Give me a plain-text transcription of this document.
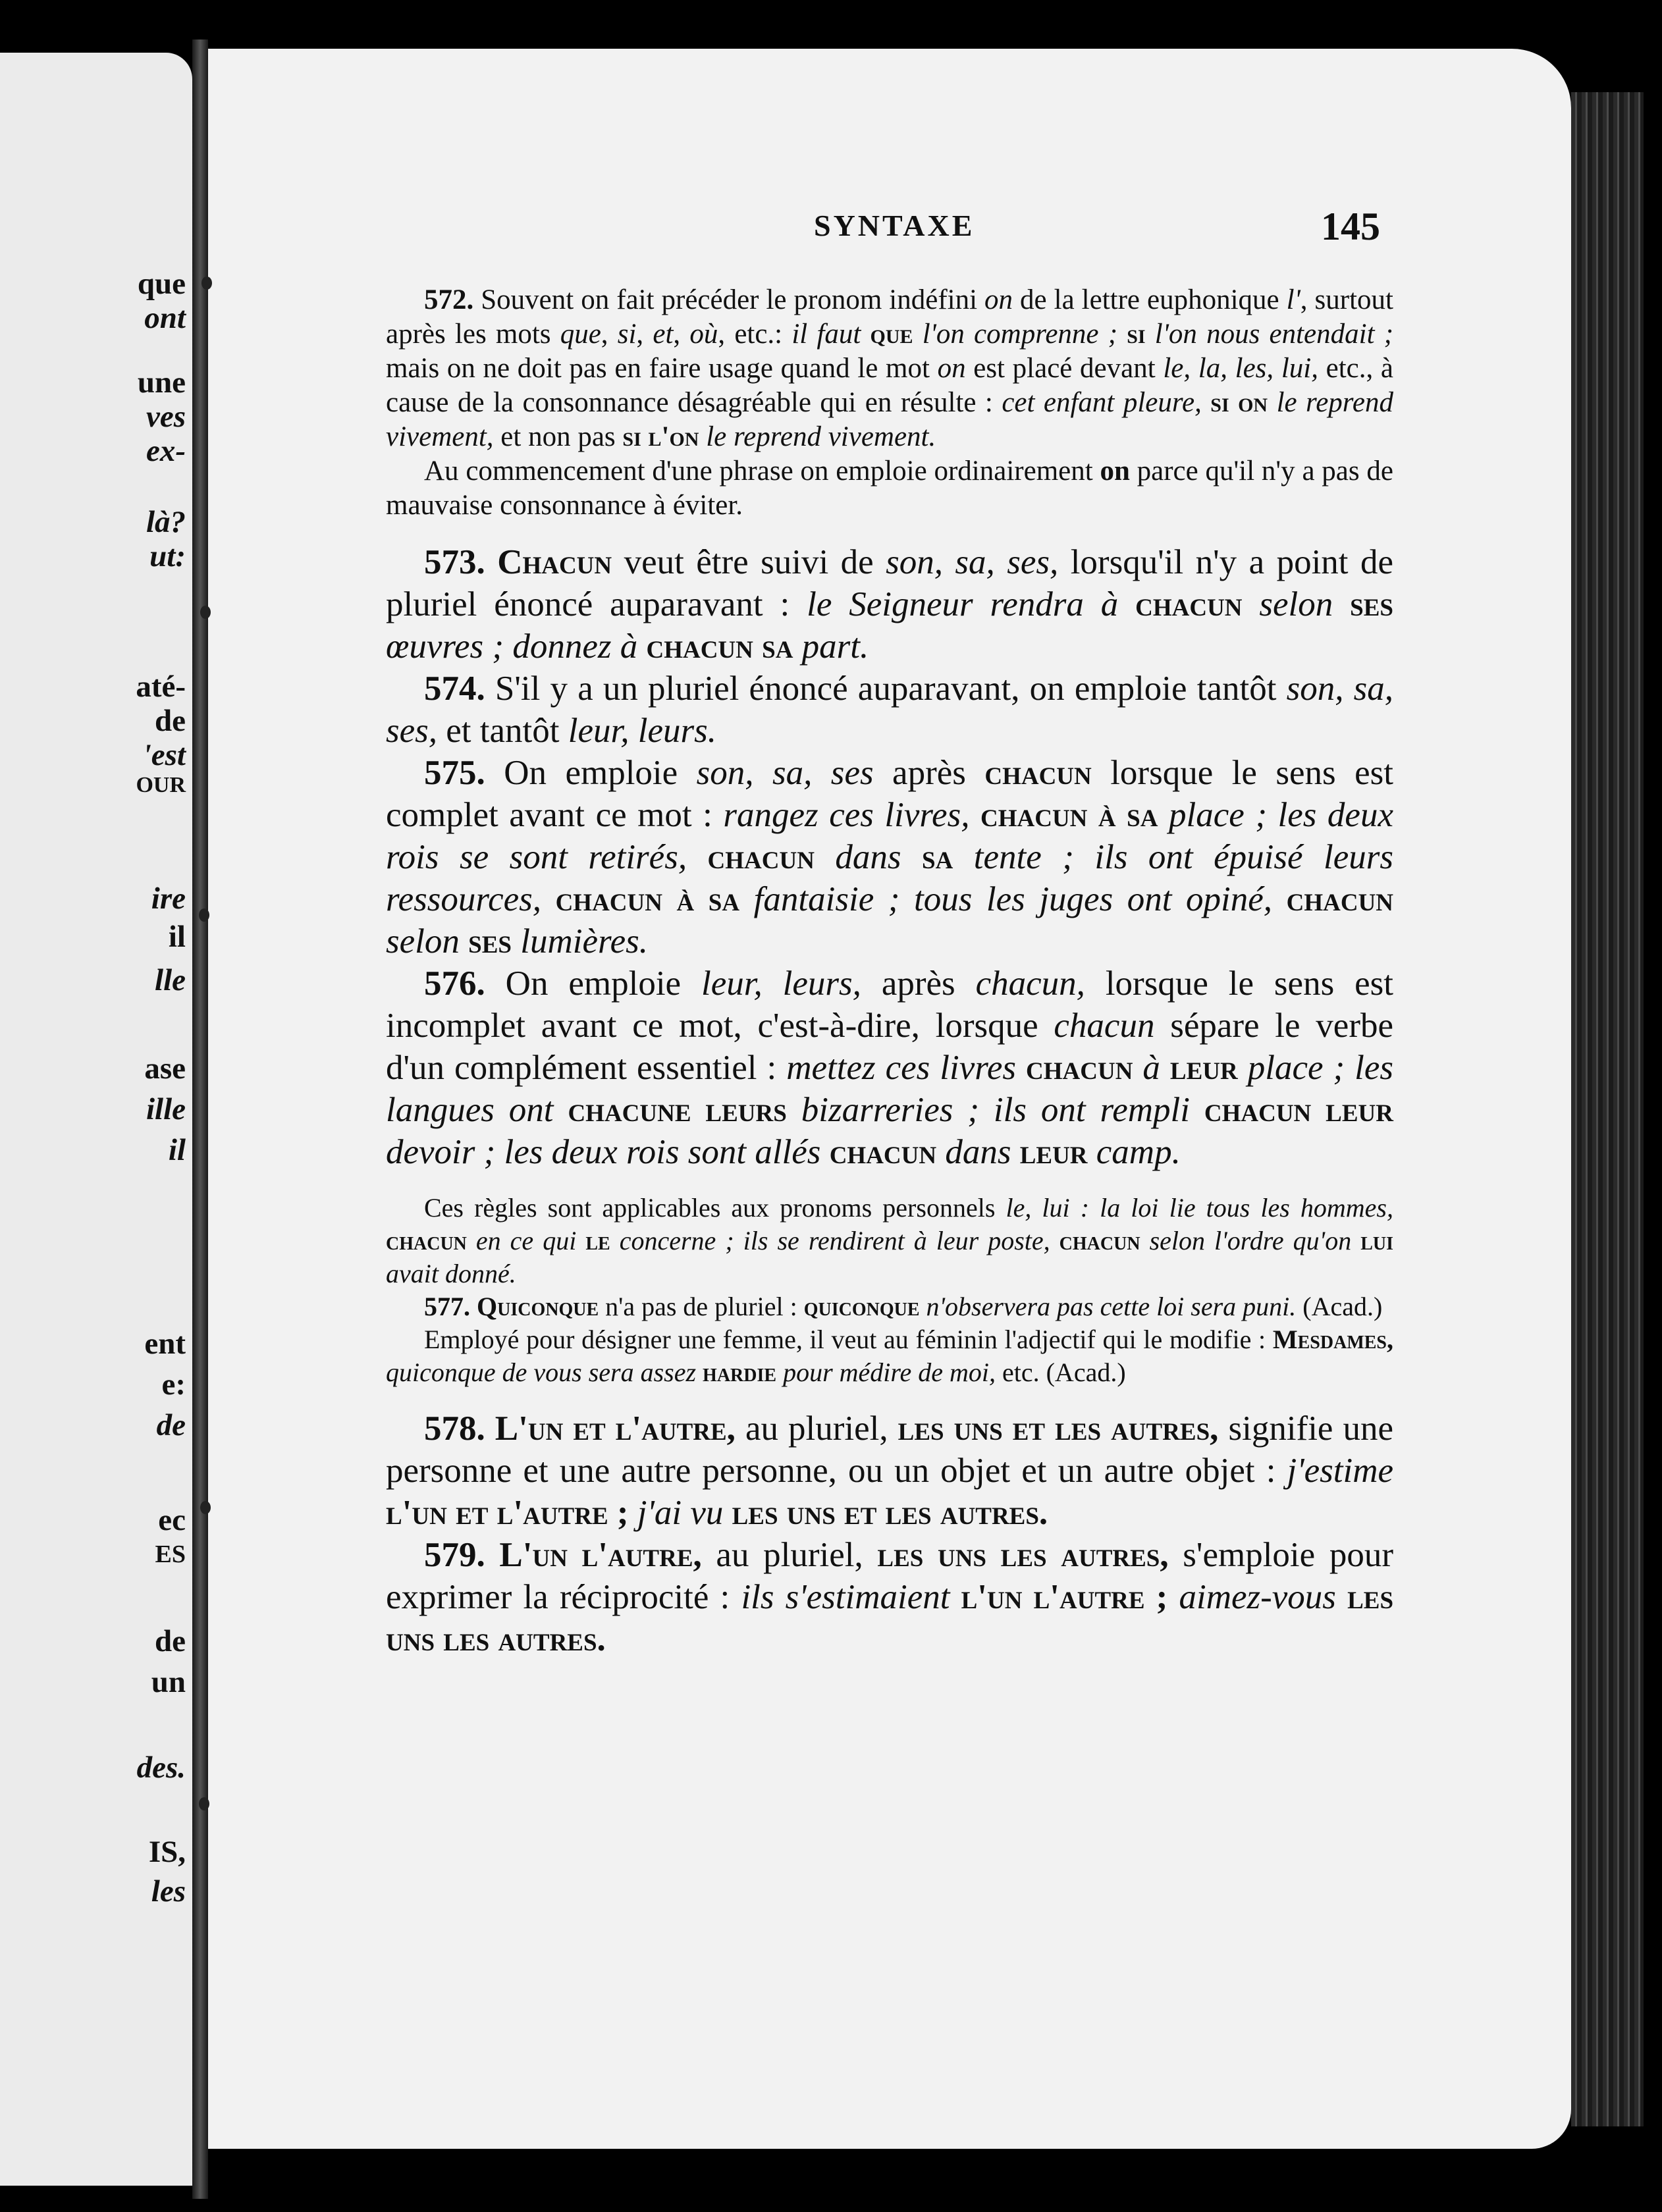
que
ont
une
ves
ex-
là?
ut:
até-
de
'est
OUR
ire
il
lle
ase
ille
il
ent
e:
de
ec
ES
de
un
des.
IS,
les
SYNTAXE	145

572. Souvent on fait précéder le pronom indéfini on de la lettre euphonique l', surtout après les mots que, si, et, où, etc.: il faut que l'on comprenne ; si l'on nous entendait ; mais on ne doit pas en faire usage quand le mot on est placé devant le, la, les, lui, etc., à cause de la consonnance désagréable qui en résulte : cet enfant pleure, si on le reprend vivement, et non pas si l'on le reprend vivement.

Au commencement d'une phrase on emploie ordinairement on parce qu'il n'y a pas de mauvaise consonnance à éviter.

573. Chacun veut être suivi de son, sa, ses, lorsqu'il n'y a point de pluriel énoncé auparavant : le Seigneur rendra à chacun selon ses œuvres ; donnez à chacun sa part.

574. S'il y a un pluriel énoncé auparavant, on emploie tantôt son, sa, ses, et tantôt leur, leurs.

575. On emploie son, sa, ses après chacun lorsque le sens est complet avant ce mot : rangez ces livres, chacun à sa place ; les deux rois se sont retirés, chacun dans sa tente ; ils ont épuisé leurs ressources, chacun à sa fantaisie ; tous les juges ont opiné, chacun selon ses lumières.

576. On emploie leur, leurs, après chacun, lorsque le sens est incomplet avant ce mot, c'est-à-dire, lorsque chacun sépare le verbe d'un complément essentiel : mettez ces livres chacun à leur place ; les langues ont chacune leurs bizarreries ; ils ont rempli chacun leur devoir ; les deux rois sont allés chacun dans leur camp.

Ces règles sont applicables aux pronoms personnels le, lui : la loi lie tous les hommes, chacun en ce qui le concerne ; ils se rendirent à leur poste, chacun selon l'ordre qu'on lui avait donné.

577. Quiconque n'a pas de pluriel : quiconque n'observera pas cette loi sera puni. (Acad.)

Employé pour désigner une femme, il veut au féminin l'adjectif qui le modifie : Mesdames, quiconque de vous sera assez hardie pour médire de moi, etc. (Acad.)

578. L'un et l'autre, au pluriel, les uns et les autres, signifie une personne et une autre personne, ou un objet et un autre objet : j'estime l'un et l'autre ; j'ai vu les uns et les autres.

579. L'un l'autre, au pluriel, les uns les autres, s'emploie pour exprimer la réciprocité : ils s'estimaient l'un l'autre ; aimez-vous les uns les autres.
